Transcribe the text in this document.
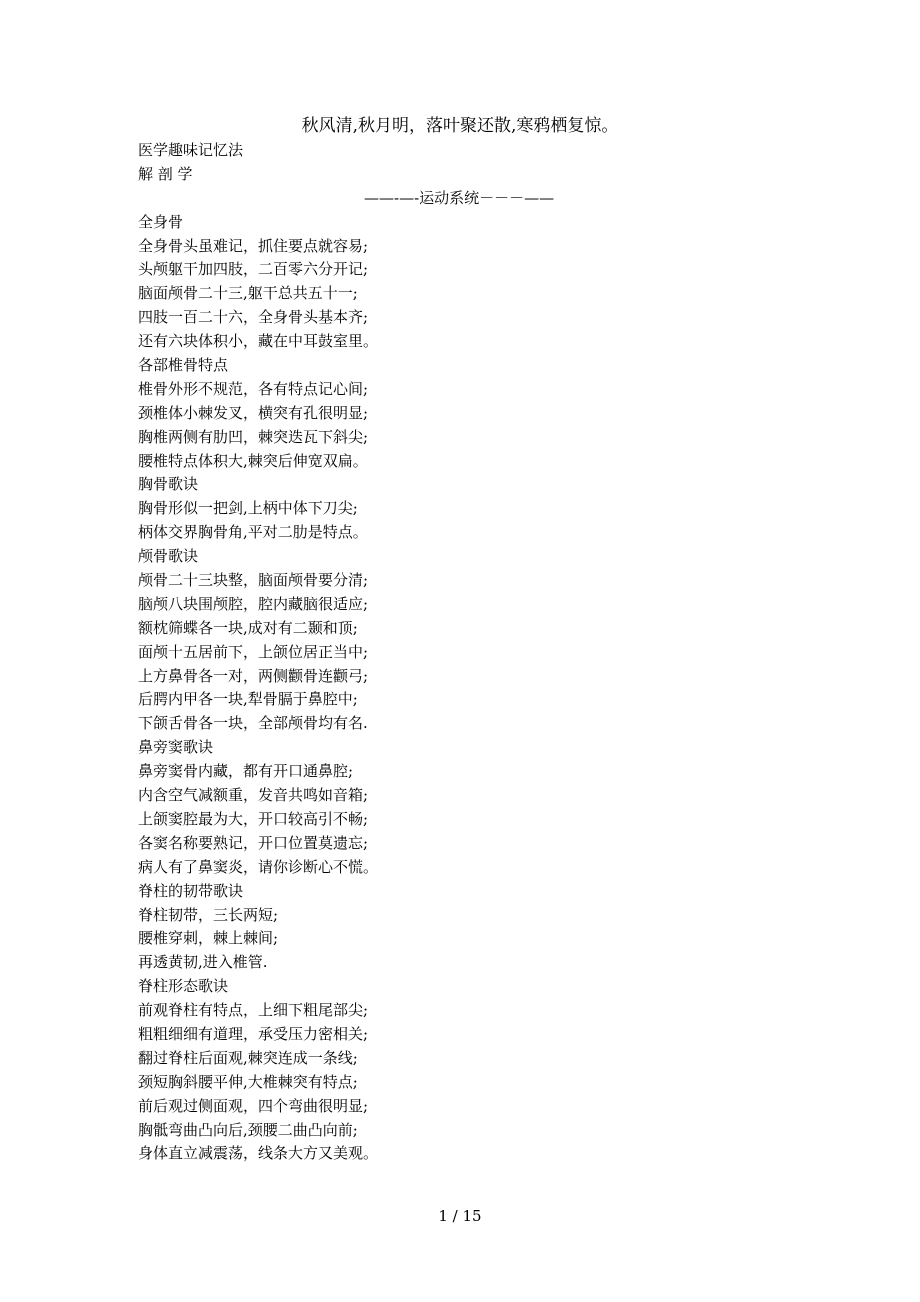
秋风清,秋月明，落叶聚还散,寒鸦栖复惊。
医学趣味记忆法
解 剖 学
——-—-运动系统－－－——
全身骨
全身骨头虽难记，抓住要点就容易;
头颅躯干加四肢，二百零六分开记;
脑面颅骨二十三,躯干总共五十一;
四肢一百二十六，全身骨头基本齐;
还有六块体积小，藏在中耳鼓室里。
各部椎骨特点
椎骨外形不规范，各有特点记心间;
颈椎体小棘发叉，横突有孔很明显;
胸椎两侧有肋凹，棘突迭瓦下斜尖;
腰椎特点体积大,棘突后伸宽双扁。
胸骨歌诀
胸骨形似一把剑,上柄中体下刀尖;
柄体交界胸骨角,平对二肋是特点。
颅骨歌诀
颅骨二十三块整，脑面颅骨要分清;
脑颅八块围颅腔，腔内藏脑很适应;
额枕筛蝶各一块,成对有二颞和顶;
面颅十五居前下，上颌位居正当中;
上方鼻骨各一对，两侧颧骨连颧弓;
后腭内甲各一块,犁骨膈于鼻腔中;
下颌舌骨各一块，全部颅骨均有名.
鼻旁窦歌诀
鼻旁窦骨内藏，都有开口通鼻腔;
内含空气减额重，发音共鸣如音箱;
上颌窦腔最为大，开口较高引不畅;
各窦名称要熟记，开口位置莫遗忘;
病人有了鼻窦炎，请你诊断心不慌。
脊柱的韧带歌诀
脊柱韧带，三长两短;
腰椎穿刺，棘上棘间;
再透黄韧,进入椎管.
脊柱形态歌诀
前观脊柱有特点，上细下粗尾部尖;
粗粗细细有道理，承受压力密相关;
翻过脊柱后面观,棘突连成一条线;
颈短胸斜腰平伸,大椎棘突有特点;
前后观过侧面观，四个弯曲很明显;
胸骶弯曲凸向后,颈腰二曲凸向前;
身体直立减震荡，线条大方又美观。
1 / 15
